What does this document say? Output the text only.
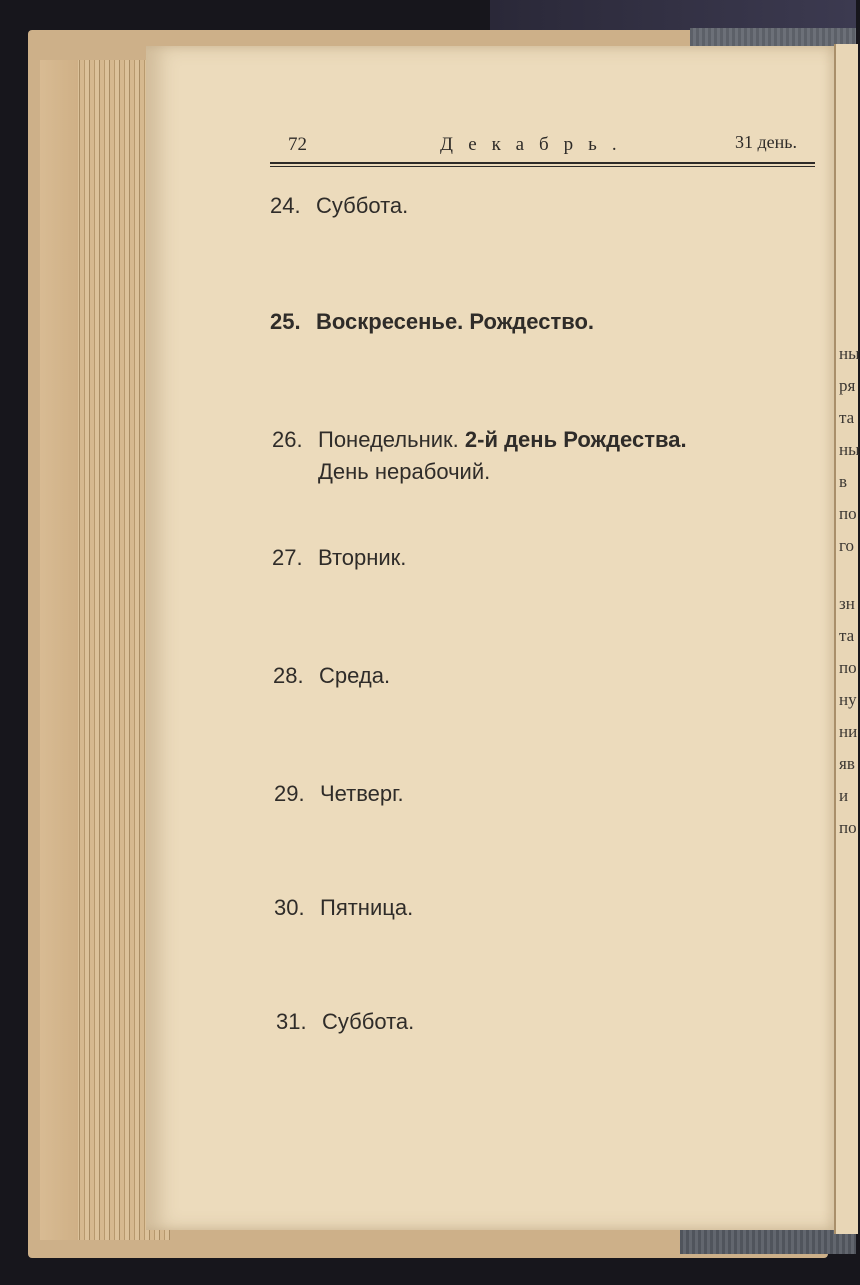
ны
ря
та
ны
в
по
го
зн
та
по
ну
ни
яв
и
по
72	Декабрь.	31 день.
24. Суббота.
25. Воскресенье. Рождество.
26. Понедельник. 2-й день Рождества.
День нерабочий.
27. Вторник.
28. Среда.
29. Четверг.
30. Пятница.
31. Суббота.
